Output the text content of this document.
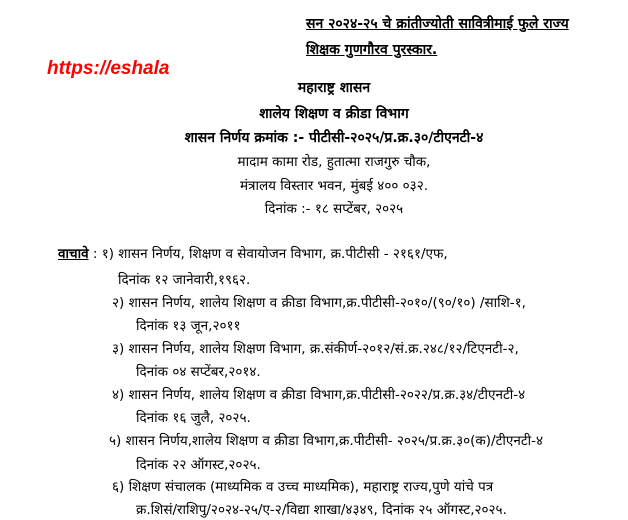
सन २०२४-२५ चे क्रांतीज्योती सावित्रीमाई फुले राज्य
शिक्षक गुणगौरव पुरस्कार.
https://eshala
महाराष्ट्र शासन
शालेय शिक्षण व क्रीडा विभाग
शासन निर्णय क्रमांक :- पीटीसी-२०२५/प्र.क्र.३०/टीएनटी-४
मादाम कामा रोड, हुतात्मा राजगुरु चौक,
मंत्रालय विस्तार भवन, मुंबई ४०० ०३२.
दिनांक :- १८ सप्टेंबर, २०२५
वाचावे : १) शासन निर्णय, शिक्षण व सेवायोजन विभाग, क्र.पीटीसी - २१६१/एफ,
दिनांक १२ जानेवारी,१९६२.
२) शासन निर्णय, शालेय शिक्षण व क्रीडा विभाग,क्र.पीटीसी-२०१०/(९०/१०) /साशि-१,
दिनांक १३ जून,२०११
३) शासन निर्णय, शालेय शिक्षण विभाग, क्र.संकीर्ण-२०१२/सं.क्र.२४८/१२/टिएनटी-२,
दिनांक ०४ सप्टेंबर,२०१४.
४) शासन निर्णय, शालेय शिक्षण व क्रीडा विभाग,क्र.पीटीसी-२०२२/प्र.क्र.३४/टीएनटी-४
दिनांक १६ जुलै, २०२५.
५) शासन निर्णय,शालेय शिक्षण व क्रीडा विभाग,क्र.पीटीसी- २०२५/प्र.क्र.३०(क)/टीएनटी-४
दिनांक २२ ऑगस्ट,२०२५.
६) शिक्षण संचालक (माध्यमिक व उच्च माध्यमिक), महाराष्ट्र राज्य,पुणे यांचे पत्र
क्र.शिसं/राशिपु/२०२४-२५/ए-२/विद्या शाखा/४३४९, दिनांक २५ ऑगस्ट,२०२५.
